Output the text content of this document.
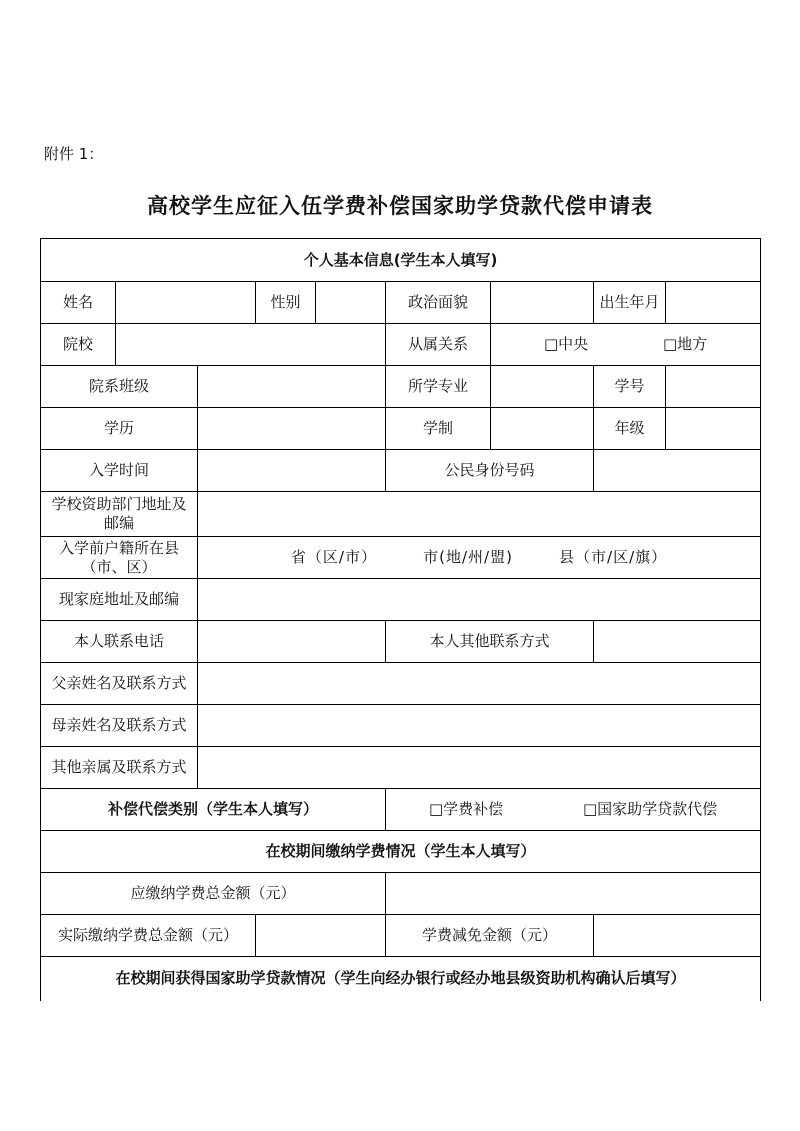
附件 1：
高校学生应征入伍学费补偿国家助学贷款代偿申请表
个人基本信息(学生本人填写)								
姓名			性别		政治面貌		出生年月	
院校					从属关系	□中央 □地方		
院系班级					所学专业		学号	
学历					学制		年级	
入学时间					公民身份号码			
学校资助部门地址及邮编								
入学前户籍所在县（市、区）		省（区/市）        市(地/州/盟)        县（市/区/旗）						
现家庭地址及邮编								
本人联系电话					本人其他联系方式			
父亲姓名及联系方式								
母亲姓名及联系方式								
其他亲属及联系方式								
补偿代偿类别（学生本人填写）					□学费补偿 □国家助学贷款代偿			
在校期间缴纳学费情况（学生本人填写）								
应缴纳学费总金额（元）								
实际缴纳学费总金额（元）					学费减免金额（元）			
在校期间获得国家助学贷款情况（学生向经办银行或经办地县级资助机构确认后填写）								
